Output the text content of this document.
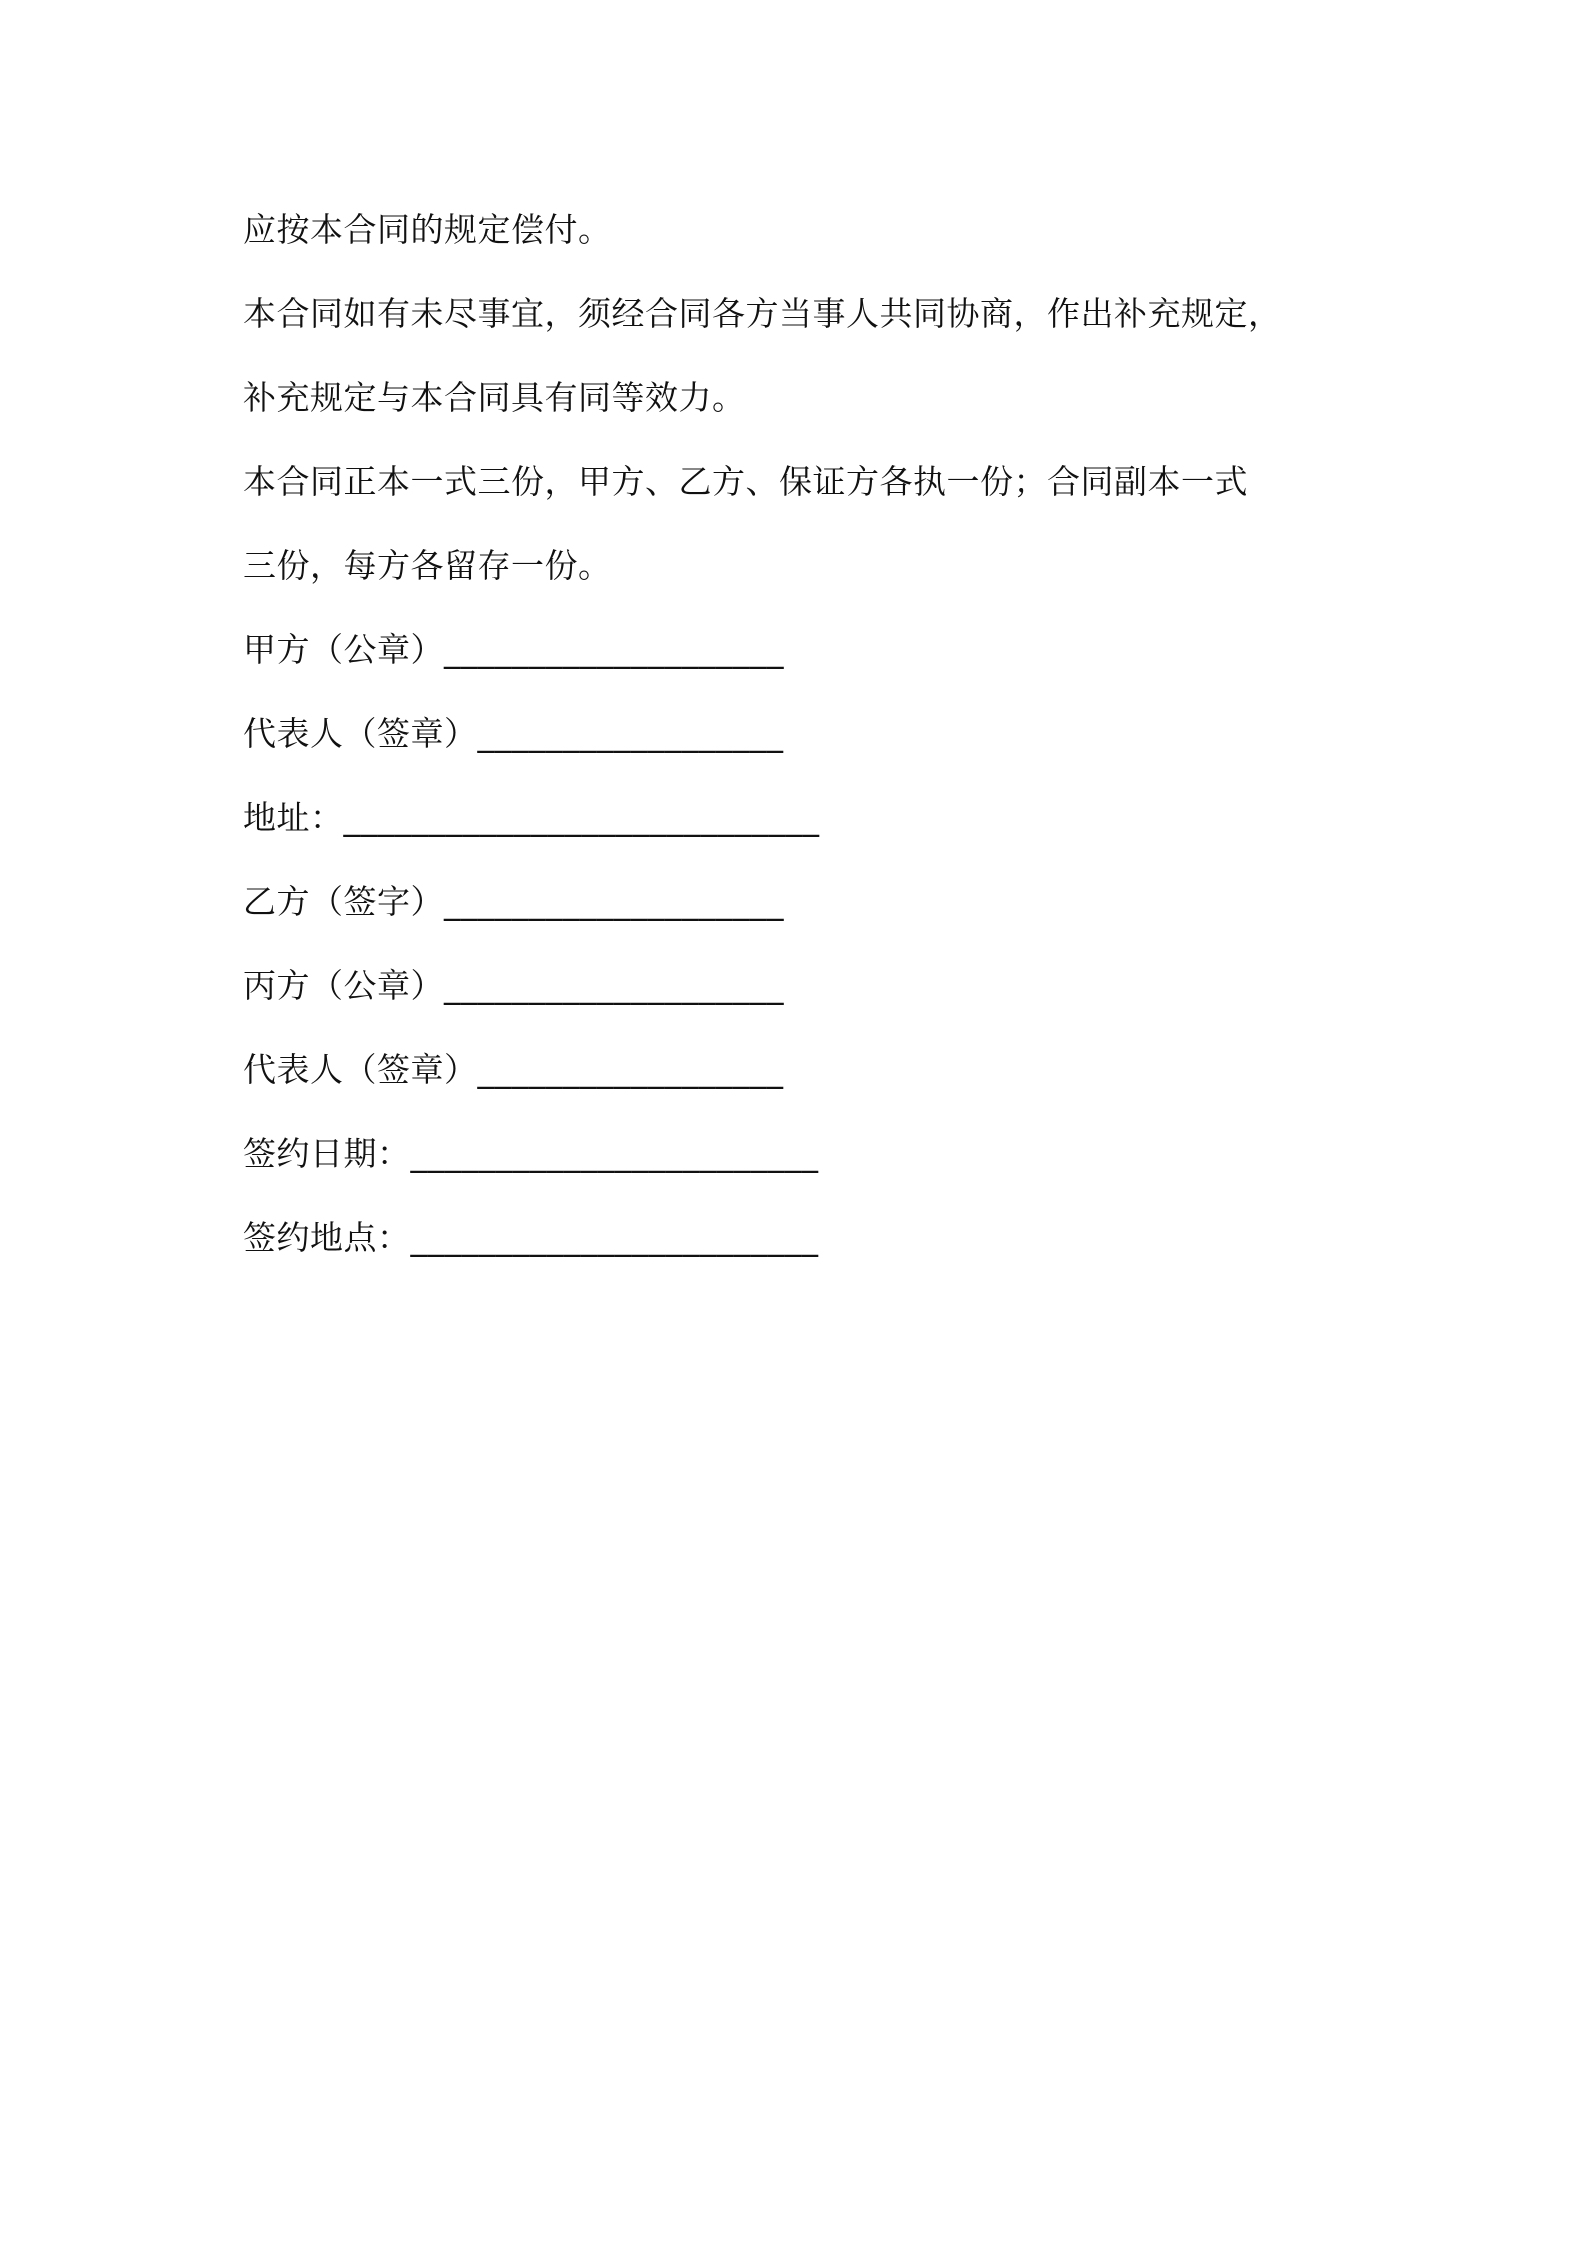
应按本合同的规定偿付。
本合同如有未尽事宜，须经合同各方当事人共同协商，作出补充规定，
补充规定与本合同具有同等效力。
本合同正本一式三份，甲方、乙方、保证方各执一份；合同副本一式
三份，每方各留存一份。
甲方（公章）____________________
代表人（签章）__________________
地址：____________________________
乙方（签字）____________________
丙方（公章）____________________
代表人（签章）__________________
签约日期：________________________
签约地点：________________________
